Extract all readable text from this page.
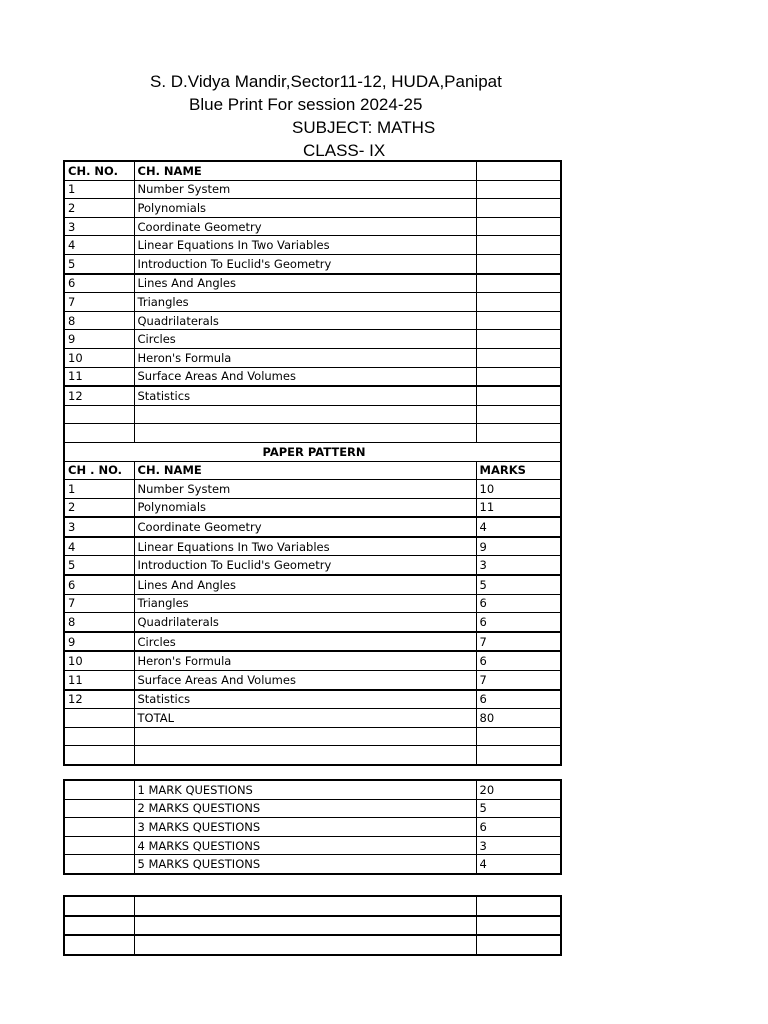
S. D.Vidya Mandir,Sector11-12, HUDA,Panipat
Blue Print For session 2024-25
SUBJECT: MATHS
CLASS- IX
CH. NO.	CH. NAME	
1	Number System	
2	Polynomials	
3	Coordinate Geometry	
4	Linear Equations In Two Variables	
5	Introduction To Euclid's Geometry	
6	Lines And Angles	
7	Triangles	
8	Quadrilaterals	
9	Circles	
10	Heron's Formula	
11	Surface Areas And Volumes	
12	Statistics	

PAPER PATTERN		
CH . NO.	CH. NAME	MARKS
1	Number System	10
2	Polynomials	11
3	Coordinate Geometry	4
4	Linear Equations In Two Variables	9
5	Introduction To Euclid's Geometry	3
6	Lines And Angles	5
7	Triangles	6
8	Quadrilaterals	6
9	Circles	7
10	Heron's Formula	6
11	Surface Areas And Volumes	7
12	Statistics	6
	TOTAL	80

	1 MARK QUESTIONS	20
	2 MARKS QUESTIONS	5
	3 MARKS QUESTIONS	6
	4 MARKS QUESTIONS	3
	5 MARKS QUESTIONS	4
